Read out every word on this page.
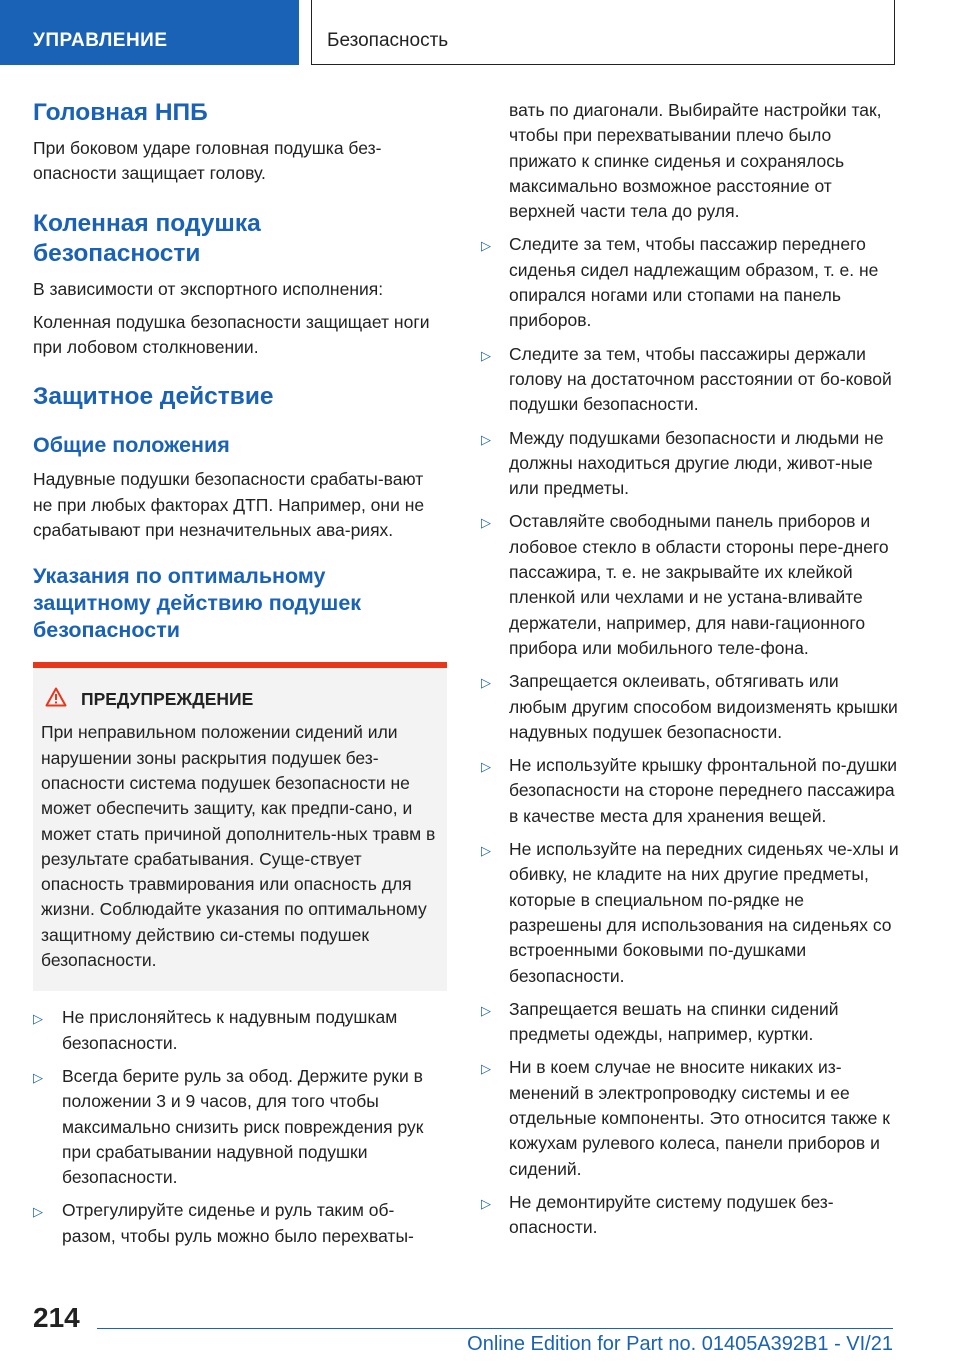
УПРАВЛЕНИЕ	Безопасность
Головная НПБ

При боковом ударе головная подушка без-опасности защищает голову.

Коленная подушка
безопасности

В зависимости от экспортного исполнения:

Коленная подушка безопасности защищает ноги при лобовом столкновении.

Защитное действие
Общие положения

Надувные подушки безопасности срабаты-вают не при любых факторах ДТП. Например, они не срабатывают при незначительных ава-риях.

Указания по оптимальному
защитному действию подушек
безопасности
ПРЕДУПРЕЖДЕНИЕ

При неправильном положении сидений или нарушении зоны раскрытия подушек без-опасности система подушек безопасности не может обеспечить защиту, как предпи-сано, и может стать причиной дополнитель-ных травм в результате срабатывания. Суще-ствует опасность травмирования или опасность для жизни. Соблюдайте указания по оптимальному защитному действию си-стемы подушек безопасности.

▷ Не прислоняйтесь к надувным подушкам безопасности.
▷ Всегда берите руль за обод. Держите руки в положении 3 и 9 часов, для того чтобы максимально снизить риск повреждения рук при срабатывании надувной подушки безопасности.
▷ Отрегулируйте сиденье и руль таким об-разом, чтобы руль можно было перехваты-

вать по диагонали. Выбирайте настройки так, чтобы при перехватывании плечо было прижато к спинке сиденья и сохранялось максимально возможное расстояние от верхней части тела до руля.

▷ Следите за тем, чтобы пассажир переднего сиденья сидел надлежащим образом, т. е. не опирался ногами или стопами на панель приборов.
▷ Следите за тем, чтобы пассажиры держали голову на достаточном расстоянии от бо-ковой подушки безопасности.
▷ Между подушками безопасности и людьми не должны находиться другие люди, живот-ные или предметы.
▷ Оставляйте свободными панель приборов и лобовое стекло в области стороны пере-днего пассажира, т. е. не закрывайте их клейкой пленкой или чехлами и не устана-вливайте держатели, например, для нави-гационного прибора или мобильного теле-фона.
▷ Запрещается оклеивать, обтягивать или любым другим способом видоизменять крышки надувных подушек безопасности.
▷ Не используйте крышку фронтальной по-душки безопасности на стороне переднего пассажира в качестве места для хранения вещей.
▷ Не используйте на передних сиденьях че-хлы и обивку, не кладите на них другие предметы, которые в специальном по-рядке не разрешены для использования на сиденьях со встроенными боковыми по-душками безопасности.
▷ Запрещается вешать на спинки сидений предметы одежды, например, куртки.
▷ Ни в коем случае не вносите никаких из-менений в электропроводку системы и ее отдельные компоненты. Это относится также к кожухам рулевого колеса, панели приборов и сидений.
▷ Не демонтируйте систему подушек без-опасности.
214
Online Edition for Part no. 01405A392B1 - VI/21
